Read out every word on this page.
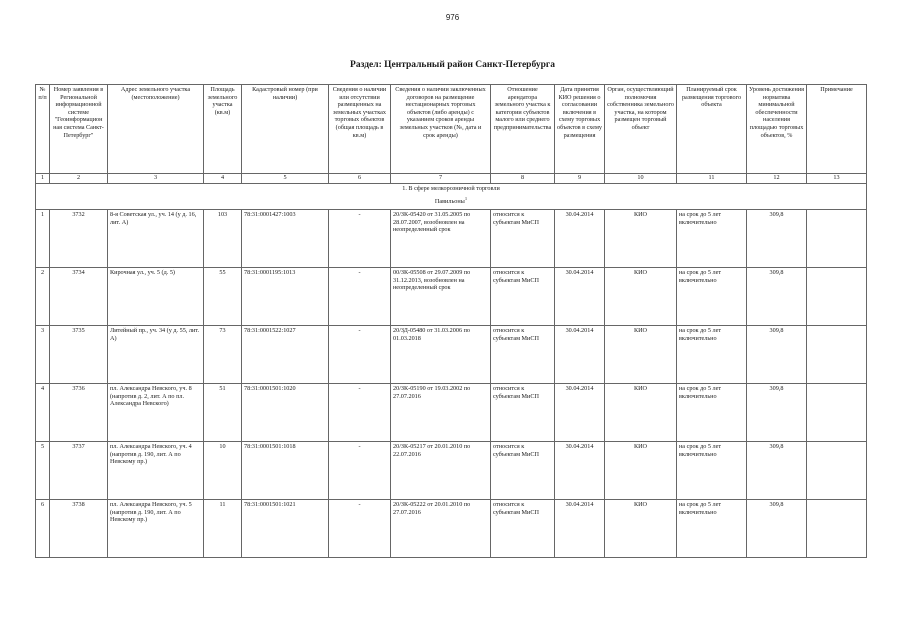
976
Раздел: Центральный район Санкт-Петербурга
№ п/п	Номер заявления в Региональной информационной системе "Геоинформацион ная система Санкт-Петербург"	Адрес земельного участка (местоположение)	Площадь земельного участка (кв.м)	Кадастровый номер (при наличии)	Сведения о наличии или отсутствии размещенных на земельных участках торговых объектов (общая площадь в кв.м)	Сведения о наличии заключенных договоров на размещение нестационарных торговых объектов (либо аренды) с указанием сроков аренды земельных участков (№, дата и срок аренды)	Отношение арендатора земельного участка к категории субъектов малого или среднего предпринимательства	Дата принятия КИО решения о согласовании включения в схему торговых объектов в схему размещения	Орган, осуществляющий полномочия собственника земельного участка, на котором размещен торговый объект	Планируемый срок размещения торгового объекта	Уровень достижения норматива минимальной обеспеченности населения площадью торговых объектов, %	Примечание
1	2	3	4	5	6	7	8	9	10	11	12	13
1. В сфере мелкорозничной торговли												
Павильоны$^1$
1	3732	8-я Советская ул., уч. 14 (у д. 16, лит. А)	103	78:31:0001427:1003	-	20/ЗК-05420 от 31.05.2005 по 28.07.2007, возобновлен на неопределенный срок	относится к субъектам МиСП	30.04.2014	КИО	на срок до 5 лет включительно	309,8	
2	3734	Кирочная ул., уч. 5 (д. 5)	55	78:31:0001195:1013	-	00/ЗК-05508 от 29.07.2009 по 31.12.2013, возобновлен на неопределенный срок	относится к субъектам МиСП	30.04.2014	КИО	на срок до 5 лет включительно	309,8	
3	3735	Литейный пр., уч. 34 (у д. 55, лит. А)	73	78:31:0001522:1027	-	20/ЗД-05480 от 31.03.2006 по 01.03.2018	относится к субъектам МиСП	30.04.2014	КИО	на срок до 5 лет включительно	309,8	
4	3736	пл. Александра Невского, уч. 8 (напротив д. 2, лит. А по пл. Александра Невского)	51	78:31:0001501:1020	-	20/ЗК-05190 от 19.03.2002 по 27.07.2016	относится к субъектам МиСП	30.04.2014	КИО	на срок до 5 лет включительно	309,8	
5	3737	пл. Александра Невского, уч. 4 (напротив д. 190, лит. А по Невскому пр.)	10	78:31:0001501:1018	-	20/ЗК-05217 от 20.01.2010 по 22.07.2016	относится к субъектам МиСП	30.04.2014	КИО	на срок до 5 лет включительно	309,8	
6	3738	пл. Александра Невского, уч. 5 (напротив д. 190, лит. А по Невскому пр.)	11	78:31:0001501:1021	-	20/ЗК-05222 от 20.01.2010 по 27.07.2016	относится к субъектам МиСП	30.04.2014	КИО	на срок до 5 лет включительно	309,8	
